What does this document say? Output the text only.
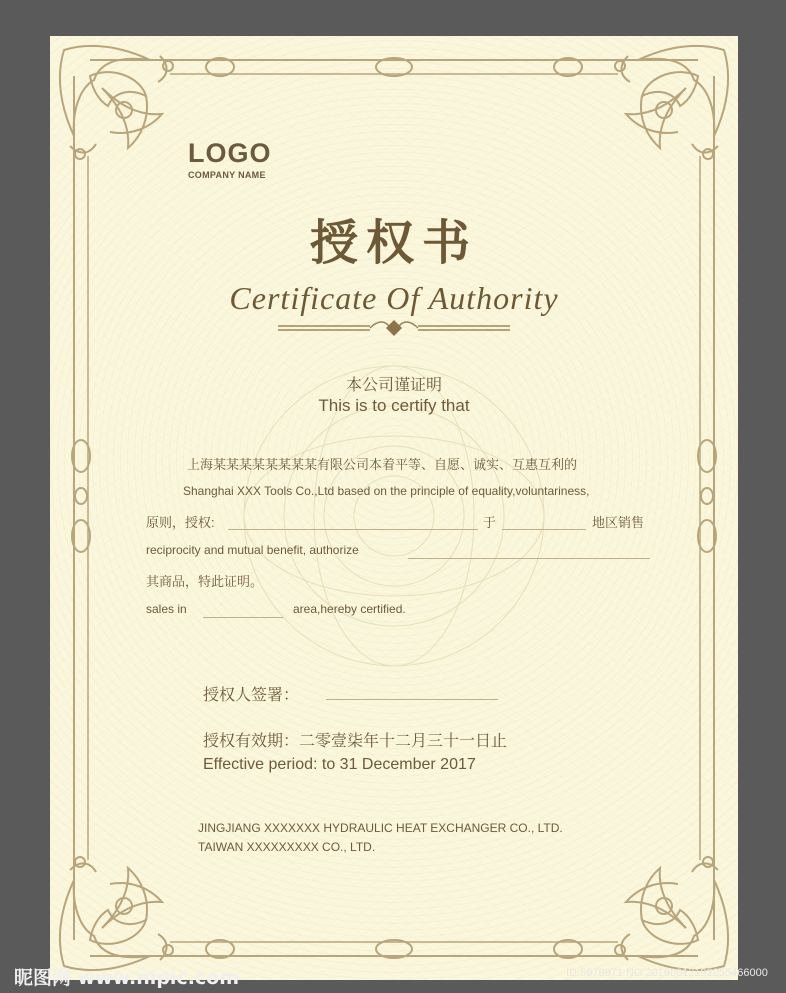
LOGO
COMPANY NAME
授权书
Certificate Of Authority
本公司谨证明
This is to certify that
上海某某某某某某某某有限公司本着平等、自愿、诚实、互惠互利的
Shanghai XXX Tools Co.,Ltd based on the principle of equality,voluntariness,
原则，授权:	于	地区销售
reciprocity and mutual benefit, authorize
其商品，特此证明。
sales in	area,hereby certified.
授权人签署：
授权有效期：二零壹柒年十二月三十一日止
Effective period: to 31 December 2017
JINGJIANG XXXXXXX HYDRAULIC HEAT EXCHANGER CO., LTD.
TAIWAN XXXXXXXXX CO., LTD.
昵图网 www.nipic.com	ID:5978971 NO:20160812192255466000
